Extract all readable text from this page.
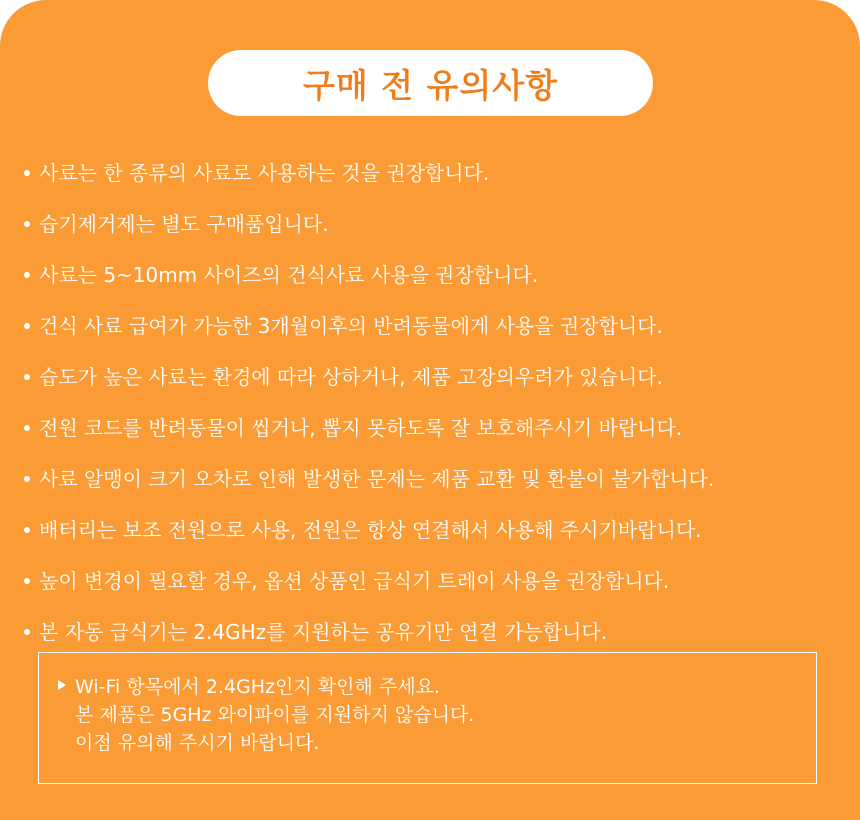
구매 전 유의사항
사료는 한 종류의 사료로 사용하는 것을 권장합니다.
습기제거제는 별도 구매품입니다.
사료는 5~10mm 사이즈의 건식사료 사용을 권장합니다.
건식 사료 급여가 가능한 3개월이후의 반려동물에게 사용을 권장합니다.
습도가 높은 사료는 환경에 따라 상하거나, 제품 고장의우려가 있습니다.
전원 코드를 반려동물이 씹거나, 뽑지 못하도록 잘 보호해주시기 바랍니다.
사료 알맹이 크기 오차로 인해 발생한 문제는 제품 교환 및 환불이 불가합니다.
배터리는 보조 전원으로 사용, 전원은 항상 연결해서 사용해 주시기바랍니다.
높이 변경이 필요할 경우, 옵션 상품인 급식기 트레이 사용을 권장합니다.
본 자동 급식기는 2.4GHz를 지원하는 공유기만 연결 가능합니다.
Wi-Fi 항목에서 2.4GHz인지 확인해 주세요.
본 제품은 5GHz 와이파이를 지원하지 않습니다.
이점 유의해 주시기 바랍니다.
